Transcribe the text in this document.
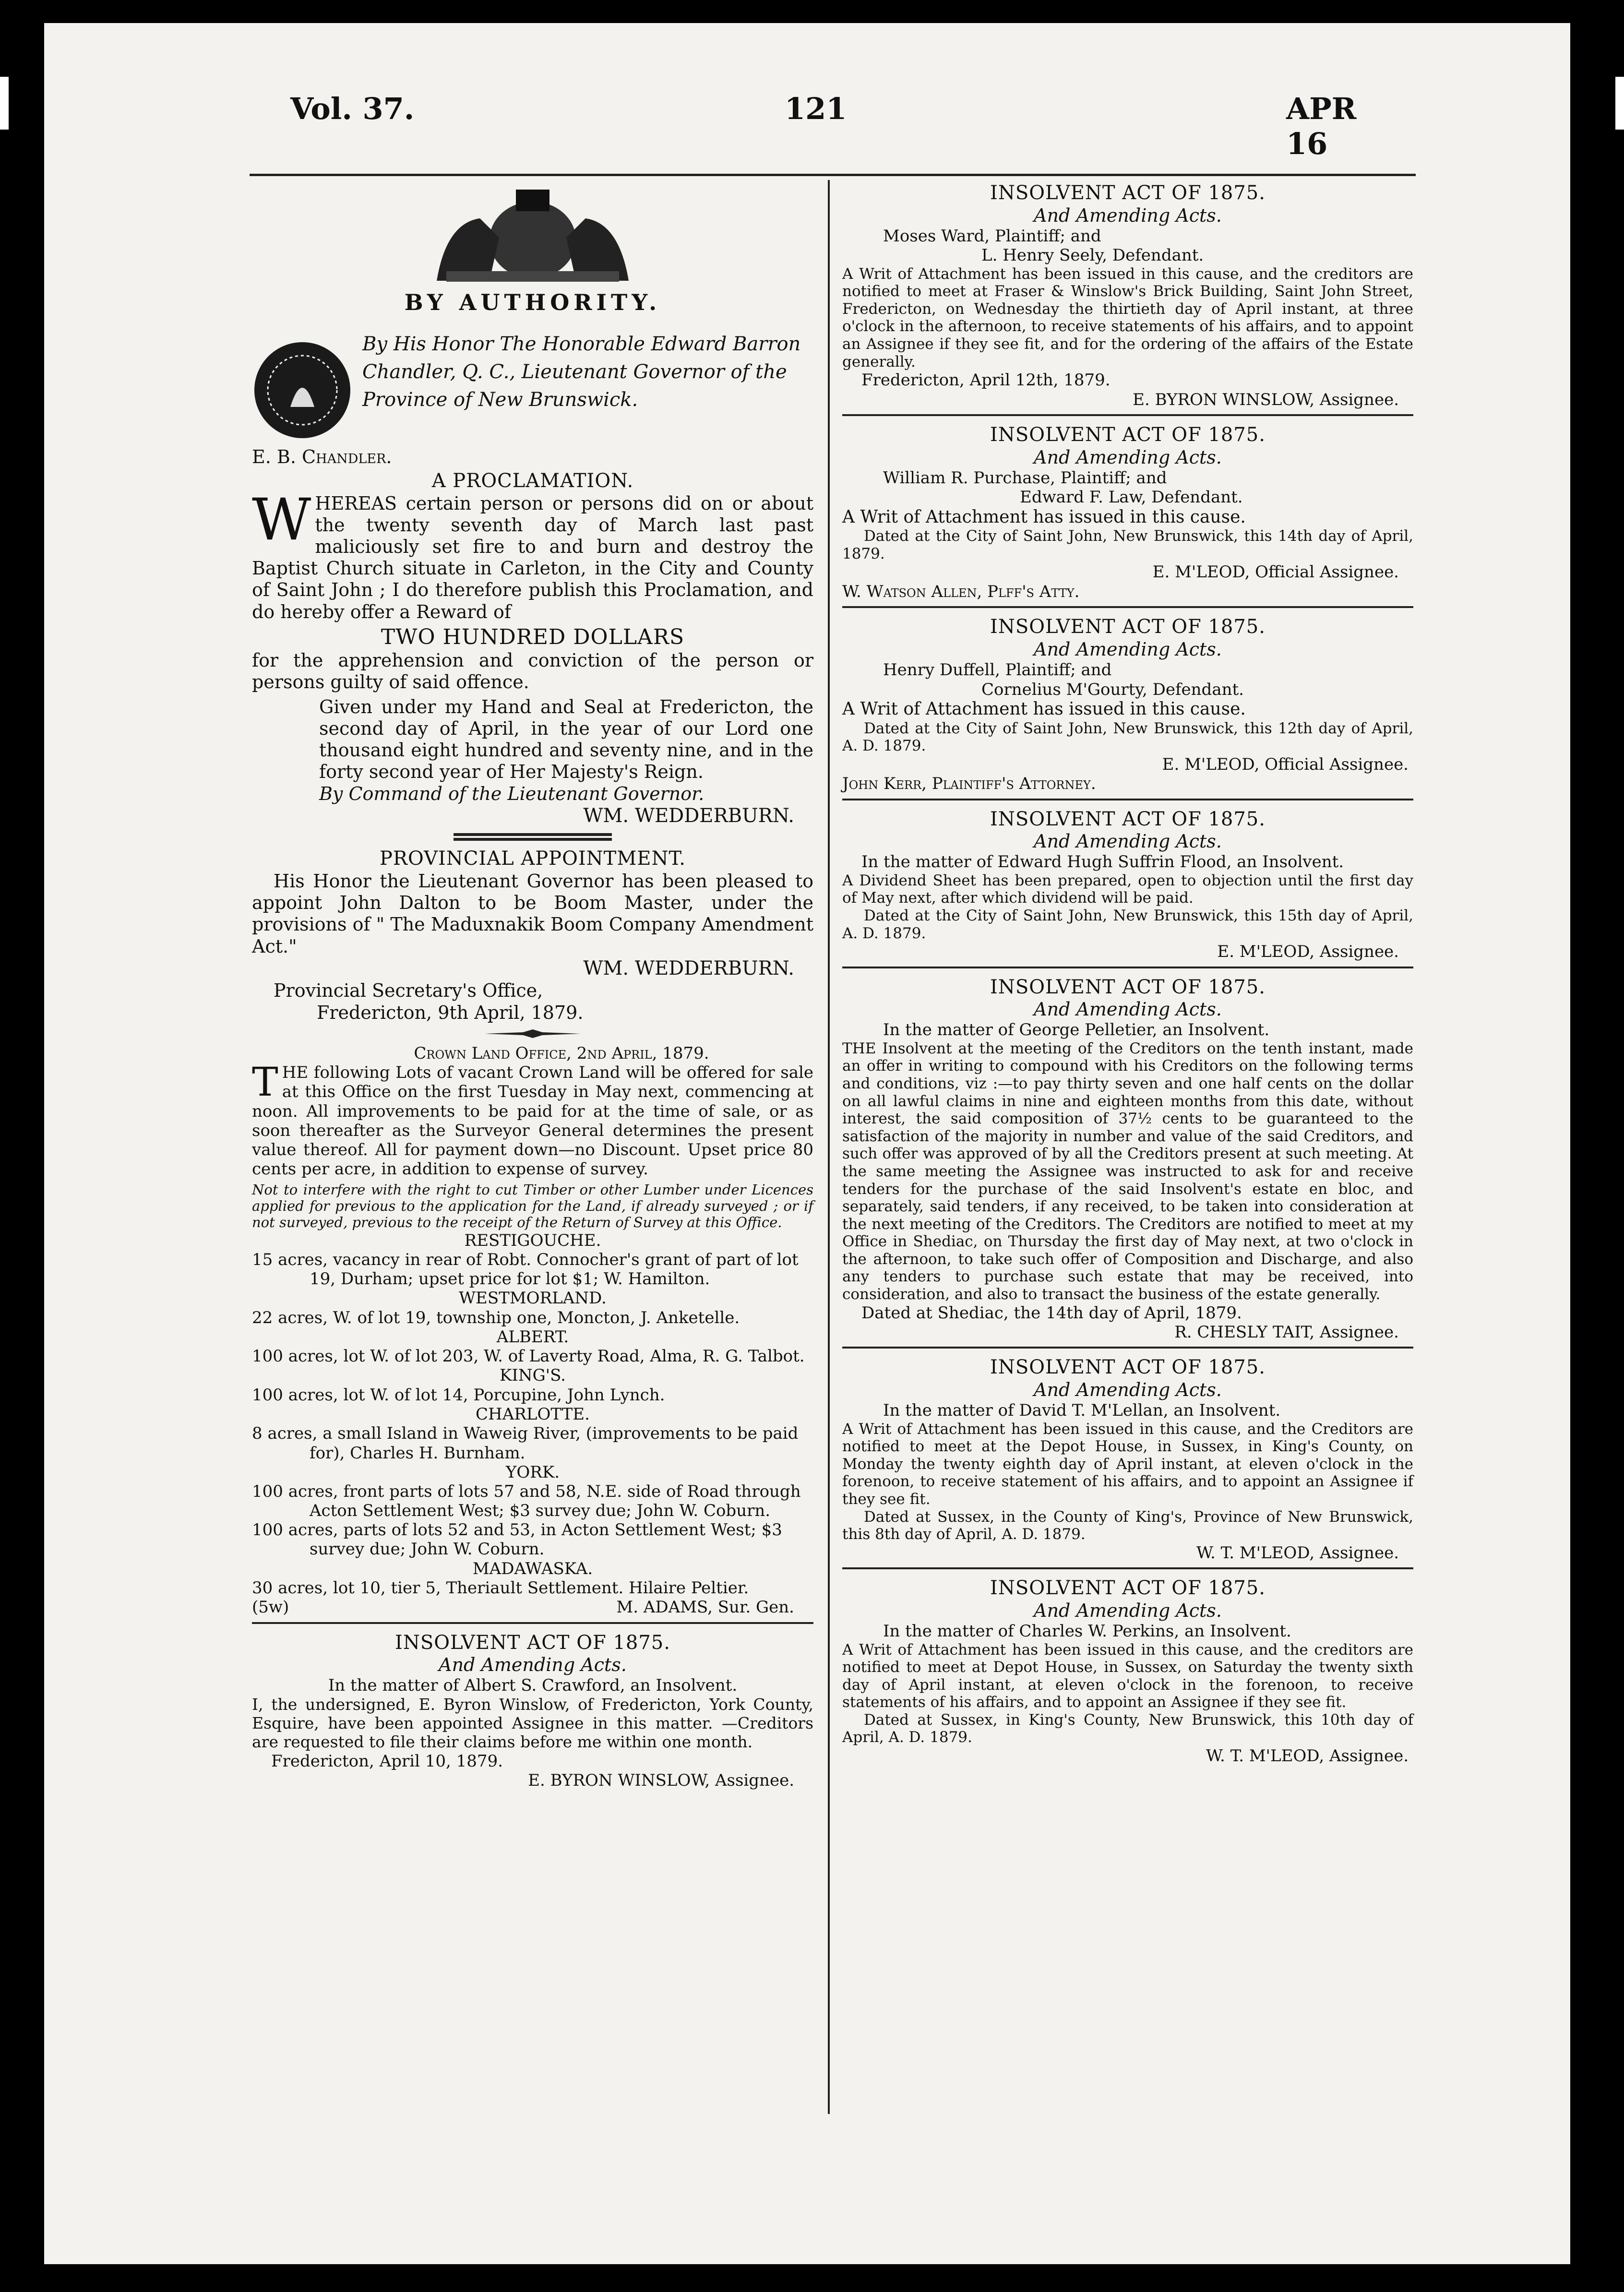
Vol. 37.	121	APR 16

BY AUTHORITY.

By His Honor The Honorable Edward Barron Chandler, Q. C., Lieutenant Governor of the Province of New Brunswick.

E. B. Chandler.

A PROCLAMATION.

W HEREAS certain person or persons did on or about the twenty seventh day of March last past maliciously set fire to and burn and destroy the Baptist Church situate in Carleton, in the City and County of Saint John ; I do therefore publish this Proclamation, and do hereby offer a Reward of

TWO HUNDRED DOLLARS

for the apprehension and conviction of the person or persons guilty of said offence.

Given under my Hand and Seal at Fredericton, the second day of April, in the year of our Lord one thousand eight hundred and seventy nine, and in the forty second year of Her Majesty's Reign.

By Command of the Lieutenant Governor.

WM. WEDDERBURN.

PROVINCIAL APPOINTMENT.

His Honor the Lieutenant Governor has been pleased to appoint John Dalton to be Boom Master, under the provisions of " The Maduxnakik Boom Company Amendment Act."

WM. WEDDERBURN.

Provincial Secretary's Office,

Fredericton, 9th April, 1879.

Crown Land Office, 2nd April, 1879.

T HE following Lots of vacant Crown Land will be offered for sale at this Office on the first Tuesday in May next, commencing at noon. All improvements to be paid for at the time of sale, or as soon thereafter as the Surveyor General determines the present value thereof. All for payment down—no Discount. Upset price 80 cents per acre, in addition to expense of survey.

Not to interfere with the right to cut Timber or other Lumber under Licences applied for previous to the application for the Land, if already surveyed ; or if not surveyed, previous to the receipt of the Return of Survey at this Office.

RESTIGOUCHE.

15 acres, vacancy in rear of Robt. Connocher's grant of part of lot 19, Durham; upset price for lot $1; W. Hamilton.

WESTMORLAND.

22 acres, W. of lot 19, township one, Moncton, J. Anketelle.

ALBERT.

100 acres, lot W. of lot 203, W. of Laverty Road, Alma, R. G. Talbot.

KING'S.

100 acres, lot W. of lot 14, Porcupine, John Lynch.

CHARLOTTE.

8 acres, a small Island in Waweig River, (improvements to be paid for), Charles H. Burnham.

YORK.

100 acres, front parts of lots 57 and 58, N.E. side of Road through Acton Settlement West; $3 survey due; John W. Coburn.

100 acres, parts of lots 52 and 53, in Acton Settlement West; $3 survey due; John W. Coburn.

MADAWASKA.

30 acres, lot 10, tier 5, Theriault Settlement. Hilaire Peltier.

(5w)	M. ADAMS, Sur. Gen.

INSOLVENT ACT OF 1875.

And Amending Acts.

In the matter of Albert S. Crawford, an Insolvent.

I, the undersigned, E. Byron Winslow, of Fredericton, York County, Esquire, have been appointed Assignee in this matter. —Creditors are requested to file their claims before me within one month.

Fredericton, April 10, 1879.

E. BYRON WINSLOW, Assignee.

INSOLVENT ACT OF 1875.

And Amending Acts.

Moses Ward, Plaintiff; and

L. Henry Seely, Defendant.

A Writ of Attachment has been issued in this cause, and the creditors are notified to meet at Fraser & Winslow's Brick Building, Saint John Street, Fredericton, on Wednesday the thirtieth day of April instant, at three o'clock in the afternoon, to receive statements of his affairs, and to appoint an Assignee if they see fit, and for the ordering of the affairs of the Estate generally.

Fredericton, April 12th, 1879.

E. BYRON WINSLOW, Assignee.

INSOLVENT ACT OF 1875.

And Amending Acts.

William R. Purchase, Plaintiff; and

Edward F. Law, Defendant.

A Writ of Attachment has issued in this cause.

Dated at the City of Saint John, New Brunswick, this 14th day of April, 1879.

E. M'LEOD, Official Assignee.

W. Watson Allen, Plff's Atty.

INSOLVENT ACT OF 1875.

And Amending Acts.

Henry Duffell, Plaintiff; and

Cornelius M'Gourty, Defendant.

A Writ of Attachment has issued in this cause.

Dated at the City of Saint John, New Brunswick, this 12th day of April, A. D. 1879.

E. M'LEOD, Official Assignee.

John Kerr, Plaintiff's Attorney.

INSOLVENT ACT OF 1875.

And Amending Acts.

In the matter of Edward Hugh Suffrin Flood, an Insolvent.

A Dividend Sheet has been prepared, open to objection until the first day of May next, after which dividend will be paid.

Dated at the City of Saint John, New Brunswick, this 15th day of April, A. D. 1879.

E. M'LEOD, Assignee.

INSOLVENT ACT OF 1875.

And Amending Acts.

In the matter of George Pelletier, an Insolvent.

THE Insolvent at the meeting of the Creditors on the tenth instant, made an offer in writing to compound with his Creditors on the following terms and conditions, viz :—to pay thirty seven and one half cents on the dollar on all lawful claims in nine and eighteen months from this date, without interest, the said composition of 37½ cents to be guaranteed to the satisfaction of the majority in number and value of the said Creditors, and such offer was approved of by all the Creditors present at such meeting. At the same meeting the Assignee was instructed to ask for and receive tenders for the purchase of the said Insolvent's estate en bloc, and separately, said tenders, if any received, to be taken into consideration at the next meeting of the Creditors. The Creditors are notified to meet at my Office in Shediac, on Thursday the first day of May next, at two o'clock in the afternoon, to take such offer of Composition and Discharge, and also any tenders to purchase such estate that may be received, into consideration, and also to transact the business of the estate generally.

Dated at Shediac, the 14th day of April, 1879.

R. CHESLY TAIT, Assignee.

INSOLVENT ACT OF 1875.

And Amending Acts.

In the matter of David T. M'Lellan, an Insolvent.

A Writ of Attachment has been issued in this cause, and the Creditors are notified to meet at the Depot House, in Sussex, in King's County, on Monday the twenty eighth day of April instant, at eleven o'clock in the forenoon, to receive statement of his affairs, and to appoint an Assignee if they see fit.

Dated at Sussex, in the County of King's, Province of New Brunswick, this 8th day of April, A. D. 1879.

W. T. M'LEOD, Assignee.

INSOLVENT ACT OF 1875.

And Amending Acts.

In the matter of Charles W. Perkins, an Insolvent.

A Writ of Attachment has been issued in this cause, and the creditors are notified to meet at Depot House, in Sussex, on Saturday the twenty sixth day of April instant, at eleven o'clock in the forenoon, to receive statements of his affairs, and to appoint an Assignee if they see fit.

Dated at Sussex, in King's County, New Brunswick, this 10th day of April, A. D. 1879.

W. T. M'LEOD, Assignee.
